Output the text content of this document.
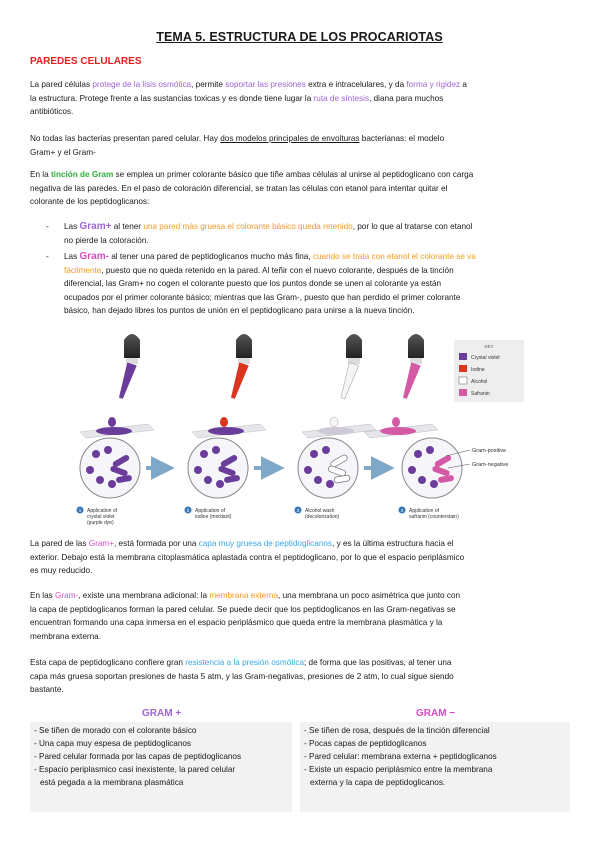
TEMA 5. ESTRUCTURA DE LOS PROCARIOTAS
PAREDES CELULARES
La pared células protege de la lisis osmótica, permite soportar las presiones extra e intracelulares, y da forma y rigidez a
la estructura. Protege frente a las sustancias toxicas y es donde tiene lugar la ruta de síntesis, diana para muchos
antibióticos.
No todas las bacterias presentan pared celular. Hay dos modelos principales de envolturas bacterianas: el modelo
Gram+ y el Gram-
En la tinción de Gram se emplea un primer colorante básico que tiñe ambas células al unirse al peptidoglicano con carga
negativa de las paredes. En el paso de coloración diferencial, se tratan las células con etanol para intentar quitar el
colorante de los peptidoglicanos:
- Las Gram+ al tener una pared más gruesa el colorante básico queda retenido, por lo que al tratarse con etanol
no pierde la coloración.
- Las Gram- al tener una pared de peptidoglicanos mucho más fina, cuando se trata con etanol el colorante se va
fácilmente, puesto que no queda retenido en la pared. Al teñir con el nuevo colorante, después de la tinción
diferencial, las Gram+ no cogen el colorante puesto que los puntos donde se unen al colorante ya están
ocupados por el primer colorante básico; mientras que las Gram-, puesto que han perdido el primer colorante
básico, han dejado libres los puntos de unión en el peptidoglicano para unirse a la nueva tinción.
KEY
Crystal violet
Iodine
Alcohol
Safranin
Gram-positive
Gram-negative
1 Application of
crystal violet
(purple dye)
2 Application of
iodine (mordant)
3 Alcohol wash
(decolorization)
4 Application of
safranin (counterstain)
La pared de las Gram+, está formada por una capa muy gruesa de peptidoglicanos, y es la última estructura hacia el
exterior. Debajo está la membrana citoplasmática aplastada contra el peptidoglicano, por lo que el espacio periplásmico
es muy reducido.
En las Gram-, existe una membrana adicional: la membrana externa, una membrana un poco asimétrica que junto con
la capa de peptidoglicanos forman la pared celular. Se puede decir que los peptidoglicanos en las Gram-negativas se
encuentran formando una capa inmersa en el espacio periplásmico que queda entre la membrana plasmática y la
membrana externa.
Esta capa de peptidoglicano confiere gran resistencia a la presión osmótica; de forma que las positivas, al tener una
capa más gruesa soportan presiones de hasta 5 atm, y las Gram-negativas, presiones de 2 atm, lo cual sigue siendo
bastante.
GRAM +	GRAM −
- Se tiñen de morado con el colorante básico
- Una capa muy espesa de peptidoglicanos
- Pared celular formada por las capas de peptidoglicanos
- Espacio periplasmico casi inexistente, la pared celular
está pegada a la membrana plasmática
- Se tiñen de rosa, después de la tinción diferencial
- Pocas capas de peptidoglicanos
- Pared celular: membrana externa + peptidoglicanos
- Existe un espacio periplásmico entre la membrana
externa y la capa de peptidoglicanos.
